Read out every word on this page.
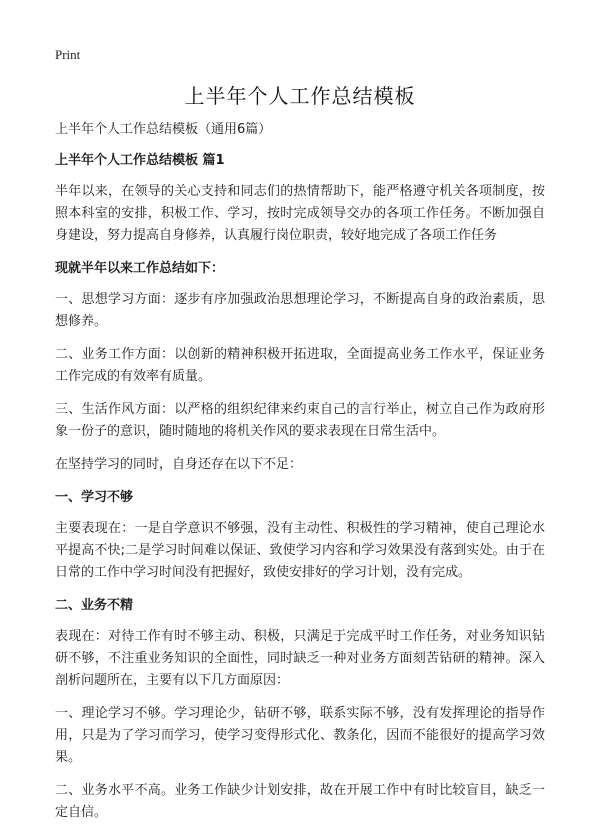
Print
上半年个人工作总结模板

上半年个人工作总结模板（通用6篇）

上半年个人工作总结模板 篇1

半年以来，在领导的关心支持和同志们的热情帮助下，能严格遵守机关各项制度，按照本科室的安排，积极工作、学习，按时完成领导交办的各项工作任务。不断加强自身建设，努力提高自身修养，认真履行岗位职责，较好地完成了各项工作任务

现就半年以来工作总结如下：

一、思想学习方面：逐步有序加强政治思想理论学习，不断提高自身的政治素质，思想修养。

二、业务工作方面：以创新的精神积极开拓进取，全面提高业务工作水平，保证业务工作完成的有效率有质量。

三、生活作风方面：以严格的组织纪律来约束自己的言行举止，树立自己作为政府形象一份子的意识，随时随地的将机关作风的要求表现在日常生活中。

在坚持学习的同时，自身还存在以下不足：

一、学习不够

主要表现在：一是自学意识不够强，没有主动性、积极性的学习精神，使自己理论水平提高不快;二是学习时间难以保证、致使学习内容和学习效果没有落到实处。由于在日常的工作中学习时间没有把握好，致使安排好的学习计划，没有完成。

二、业务不精

表现在：对待工作有时不够主动、积极，只满足于完成平时工作任务，对业务知识钻研不够，不注重业务知识的全面性，同时缺乏一种对业务方面刻苦钻研的精神。深入剖析问题所在，主要有以下几方面原因：

一、理论学习不够。学习理论少，钻研不够，联系实际不够，没有发挥理论的指导作用，只是为了学习而学习，使学习变得形式化、教条化，因而不能很好的提高学习效果。

二、业务水平不高。业务工作缺少计划安排，故在开展工作中有时比较盲目，缺乏一定自信。
